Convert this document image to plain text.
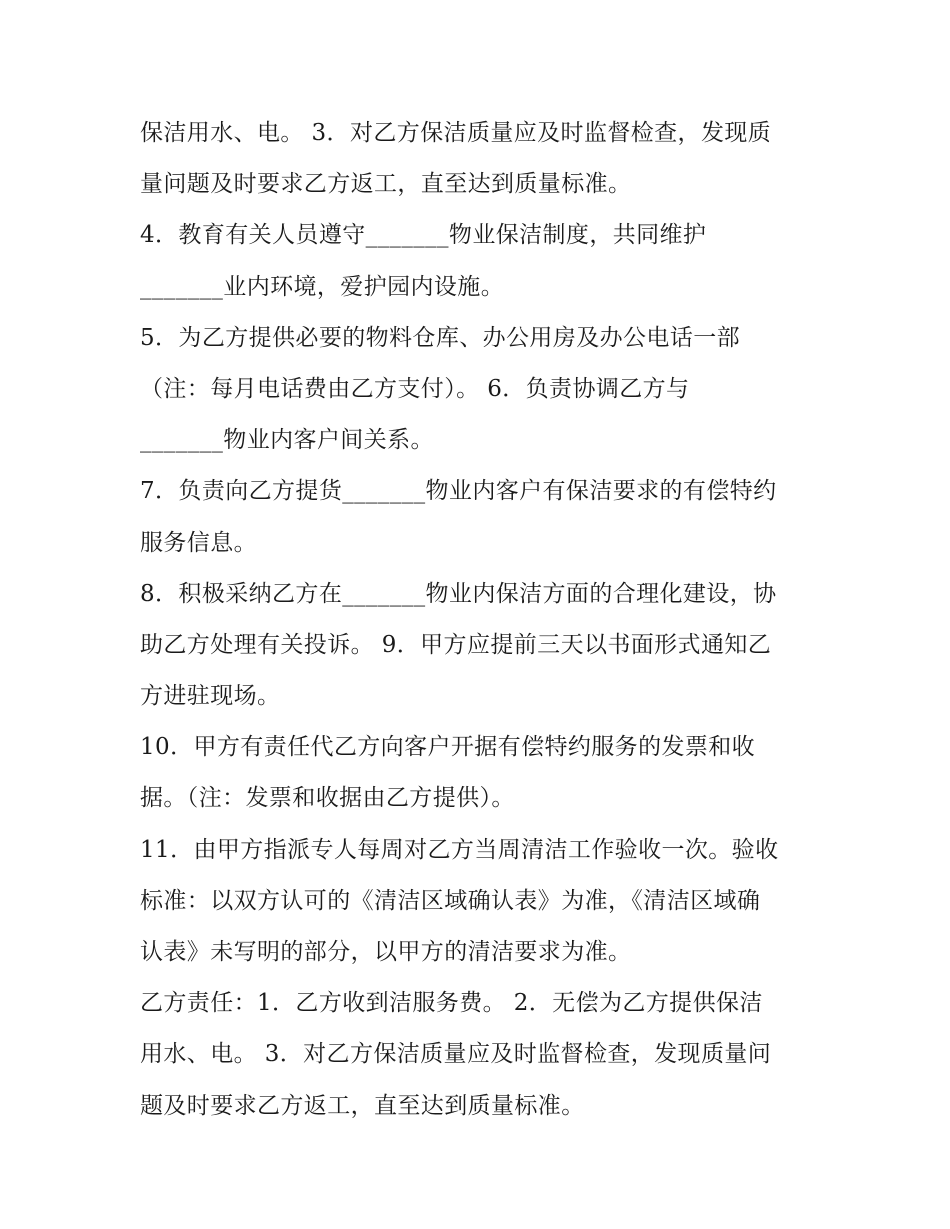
保洁用水、电。 3．对乙方保洁质量应及时监督检查，发现质
量问题及时要求乙方返工，直至达到质量标准。
4．教育有关人员遵守_______物业保洁制度，共同维护
_______业内环境，爱护园内设施。
5．为乙方提供必要的物料仓库、办公用房及办公电话一部
（注：每月电话费由乙方支付）。 6．负责协调乙方与
_______物业内客户间关系。
7．负责向乙方提货_______物业内客户有保洁要求的有偿特约
服务信息。
8．积极采纳乙方在_______物业内保洁方面的合理化建设，协
助乙方处理有关投诉。 9．甲方应提前三天以书面形式通知乙
方进驻现场。
10．甲方有责任代乙方向客户开据有偿特约服务的发票和收
据。（注：发票和收据由乙方提供）。
11．由甲方指派专人每周对乙方当周清洁工作验收一次。验收
标准：以双方认可的《清洁区域确认表》为准，《清洁区域确
认表》未写明的部分，以甲方的清洁要求为准。
乙方责任：1．乙方收到洁服务费。 2．无偿为乙方提供保洁
用水、电。 3．对乙方保洁质量应及时监督检查，发现质量问
题及时要求乙方返工，直至达到质量标准。
